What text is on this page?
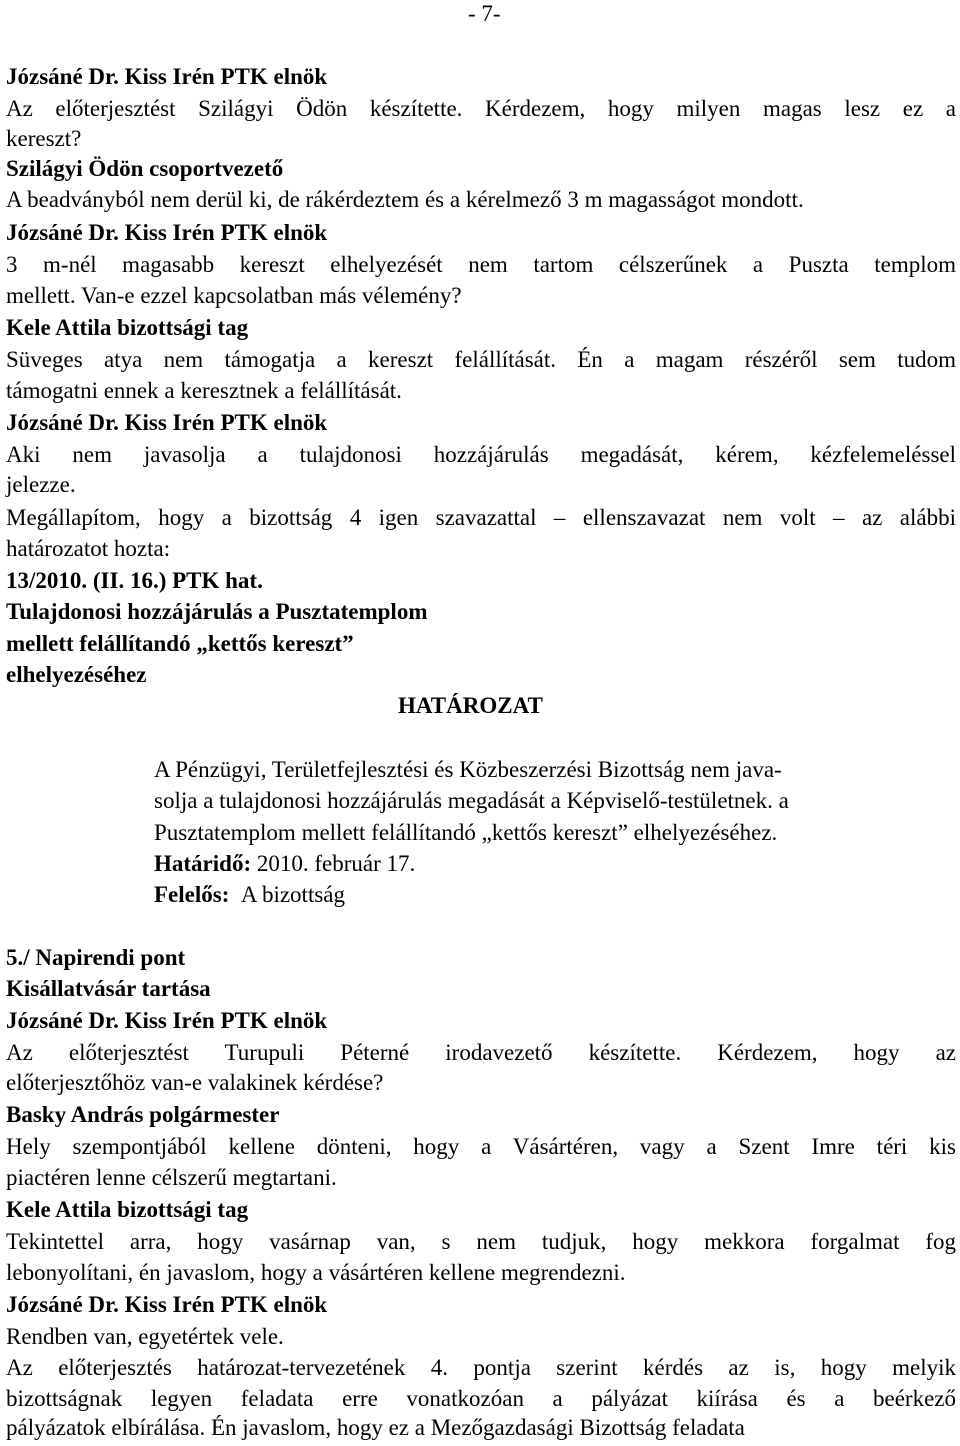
- 7-
Józsáné Dr. Kiss Irén PTK elnök
Az előterjesztést Szilágyi Ödön készítette. Kérdezem, hogy milyen magas lesz ez a
kereszt?
Szilágyi Ödön csoportvezető
A beadványból nem derül ki, de rákérdeztem és a kérelmező 3 m magasságot mondott.
Józsáné Dr. Kiss Irén PTK elnök
3 m-nél magasabb kereszt elhelyezését nem tartom célszerűnek a Puszta templom
mellett. Van-e ezzel kapcsolatban más vélemény?
Kele Attila bizottsági tag
Süveges atya nem támogatja a kereszt felállítását. Én a magam részéről sem tudom
támogatni ennek a keresztnek a felállítását.
Józsáné Dr. Kiss Irén PTK elnök
Aki nem javasolja a tulajdonosi hozzájárulás megadását, kérem, kézfelemeléssel
jelezze.
Megállapítom, hogy a bizottság 4 igen szavazattal – ellenszavazat nem volt – az alábbi
határozatot hozta:
13/2010. (II. 16.) PTK hat.
Tulajdonosi hozzájárulás a Pusztatemplom
mellett felállítandó „kettős kereszt”
elhelyezéséhez
HATÁROZAT
A Pénzügyi, Területfejlesztési és Közbeszerzési Bizottság nem java-
solja a tulajdonosi hozzájárulás megadását a Képviselő-testületnek. a
Pusztatemplom mellett felállítandó „kettős kereszt” elhelyezéséhez.
Határidő: 2010. február 17.
Felelős: A bizottság
5./ Napirendi pont
Kisállatvásár tartása
Józsáné Dr. Kiss Irén PTK elnök
Az előterjesztést Turupuli Péterné irodavezető készítette. Kérdezem, hogy az
előterjesztőhöz van-e valakinek kérdése?
Basky András polgármester
Hely szempontjából kellene dönteni, hogy a Vásártéren, vagy a Szent Imre téri kis
piactéren lenne célszerű megtartani.
Kele Attila bizottsági tag
Tekintettel arra, hogy vasárnap van, s nem tudjuk, hogy mekkora forgalmat fog
lebonyolítani, én javaslom, hogy a vásártéren kellene megrendezni.
Józsáné Dr. Kiss Irén PTK elnök
Rendben van, egyetértek vele.
Az előterjesztés határozat-tervezetének 4. pontja szerint kérdés az is, hogy melyik
bizottságnak legyen feladata erre vonatkozóan a pályázat kiírása és a beérkező
pályázatok elbírálása. Én javaslom, hogy ez a Mezőgazdasági Bizottság feladata
